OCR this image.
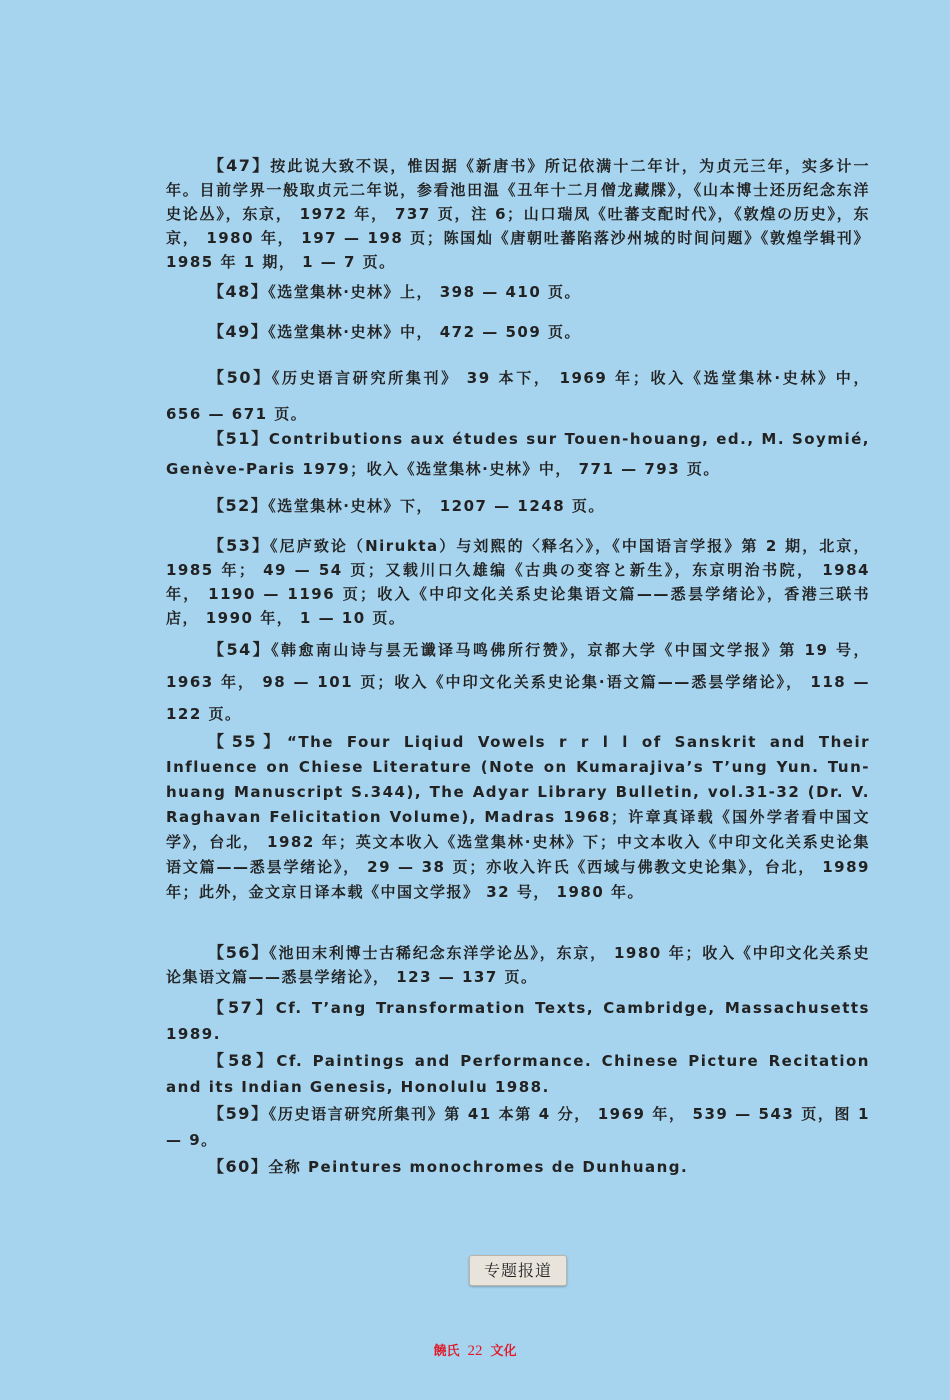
【47】按此说大致不误，惟因据《新唐书》所记依满十二年计，为贞元三年，实多计一年。目前学界一般取贞元二年说，参看池田温《丑年十二月僧龙藏牒》，《山本博士还历纪念东洋史论丛》，东京， 1972 年， 737 页，注 6；山口瑞凤《吐蕃支配时代》，《敦煌の历史》，东京， 1980 年， 197 — 198 页；陈国灿《唐朝吐蕃陷落沙州城的时间问题》《敦煌学辑刊》 1985 年 1 期， 1 — 7 页。

【48】《选堂集林·史林》上， 398 — 410 页。

【49】《选堂集林·史林》中， 472 — 509 页。

【50】《历史语言研究所集刊》 39 本下， 1969 年；收入《选堂集林·史林》中， 656 — 671 页。

【51】Contributions aux études sur Touen-houang, ed., M. Soymié, Genève-Paris 1979；收入《选堂集林·史林》中， 771 — 793 页。

【52】《选堂集林·史林》下， 1207 — 1248 页。

【53】《尼庐致论（Nirukta）与刘熙的〈释名〉》，《中国语言学报》第 2 期，北京， 1985 年； 49 — 54 页；又载川口久雄编《古典の变容と新生》，东京明治书院， 1984 年， 1190 — 1196 页；收入《中印文化关系史论集语文篇——悉昙学绪论》，香港三联书店， 1990 年， 1 — 10 页。

【54】《韩愈南山诗与昙无谶译马鸣佛所行赞》，京都大学《中国文学报》第 19 号， 1963 年， 98 — 101 页；收入《中印文化关系史论集·语文篇——悉昙学绪论》， 118 — 122 页。

【55】“The Four Liqiud Vowels r r l l of Sanskrit and Their Influence on Chiese Literature (Note on Kumarajiva’s T’ung Yun. Tun-huang Manuscript S.344), The Adyar Library Bulletin, vol.31-32 (Dr. V. Raghavan Felicitation Volume), Madras 1968；许章真译载《国外学者看中国文学》，台北， 1982 年；英文本收入《选堂集林·史林》下；中文本收入《中印文化关系史论集语文篇——悉昙学绪论》， 29 — 38 页；亦收入许氏《西域与佛教文史论集》，台北， 1989 年；此外，金文京日译本载《中国文学报》 32 号， 1980 年。

【56】《池田末利博士古稀纪念东洋学论丛》，东京， 1980 年；收入《中印文化关系史论集语文篇——悉昙学绪论》， 123 — 137 页。

【57】Cf. T’ang Transformation Texts, Cambridge, Massachusetts 1989.

【58】Cf. Paintings and Performance. Chinese Picture Recitation and its Indian Genesis, Honolulu 1988.

【59】《历史语言研究所集刊》第 41 本第 4 分， 1969 年， 539 — 543 页，图 1 — 9。

【60】全称 Peintures monochromes de Dunhuang.

专题报道
饒氏 22 文化
